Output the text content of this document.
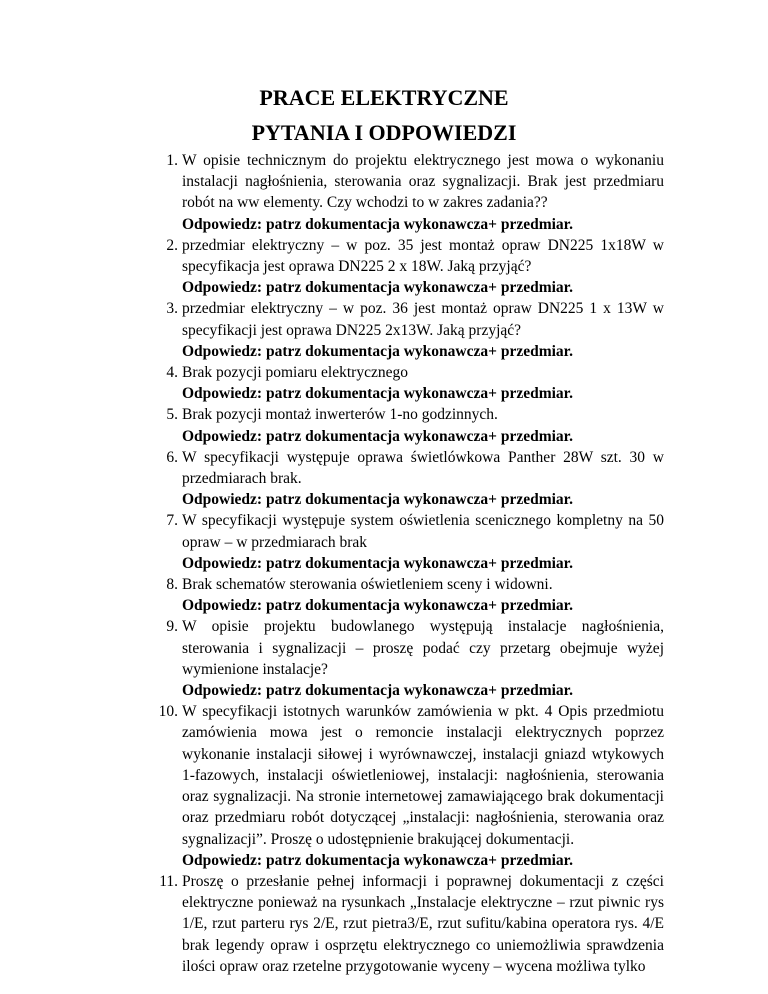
PRACE ELEKTRYCZNE
PYTANIA I ODPOWIEDZI
1. W opisie technicznym do projektu elektrycznego jest mowa o wykonaniu instalacji nagłośnienia, sterowania oraz sygnalizacji. Brak jest przedmiaru robót na ww elementy. Czy wchodzi to w zakres zadania??
Odpowiedz: patrz dokumentacja wykonawcza+ przedmiar.
2. przedmiar elektryczny – w poz. 35 jest montaż opraw DN225 1x18W w specyfikacja jest oprawa DN225 2 x 18W. Jaką przyjąć?
Odpowiedz: patrz dokumentacja wykonawcza+ przedmiar.
3. przedmiar elektryczny – w poz. 36 jest montaż opraw DN225 1 x 13W w specyfikacji jest oprawa DN225 2x13W. Jaką przyjąć?
Odpowiedz: patrz dokumentacja wykonawcza+ przedmiar.
4. Brak pozycji pomiaru elektrycznego
Odpowiedz: patrz dokumentacja wykonawcza+ przedmiar.
5. Brak pozycji montaż inwerterów 1-no godzinnych.
Odpowiedz: patrz dokumentacja wykonawcza+ przedmiar.
6. W specyfikacji występuje oprawa świetlówkowa Panther 28W szt. 30 w przedmiarach brak.
Odpowiedz: patrz dokumentacja wykonawcza+ przedmiar.
7. W specyfikacji występuje system oświetlenia scenicznego kompletny na 50 opraw – w przedmiarach brak
Odpowiedz: patrz dokumentacja wykonawcza+ przedmiar.
8. Brak schematów sterowania oświetleniem sceny i widowni.
Odpowiedz: patrz dokumentacja wykonawcza+ przedmiar.
9. W opisie projektu budowlanego występują instalacje nagłośnienia, sterowania i sygnalizacji – proszę podać czy przetarg obejmuje wyżej wymienione instalacje?
Odpowiedz: patrz dokumentacja wykonawcza+ przedmiar.
10. W specyfikacji istotnych warunków zamówienia w pkt. 4 Opis przedmiotu zamówienia mowa jest o remoncie instalacji elektrycznych poprzez wykonanie instalacji siłowej i wyrównawczej, instalacji gniazd wtykowych 1-fazowych, instalacji oświetleniowej, instalacji: nagłośnienia, sterowania oraz sygnalizacji. Na stronie internetowej zamawiającego brak dokumentacji oraz przedmiaru robót dotyczącej „instalacji: nagłośnienia, sterowania oraz sygnalizacji”. Proszę o udostępnienie brakującej dokumentacji.
Odpowiedz: patrz dokumentacja wykonawcza+ przedmiar.
11. Proszę o przesłanie pełnej informacji i poprawnej dokumentacji z części elektryczne ponieważ na rysunkach „Instalacje elektryczne – rzut piwnic rys 1/E, rzut parteru rys 2/E, rzut pietra3/E, rzut sufitu/kabina operatora rys. 4/E brak legendy opraw i osprzętu elektrycznego co uniemożliwia sprawdzenia ilości opraw oraz rzetelne przygotowanie wyceny – wycena możliwa tylko
